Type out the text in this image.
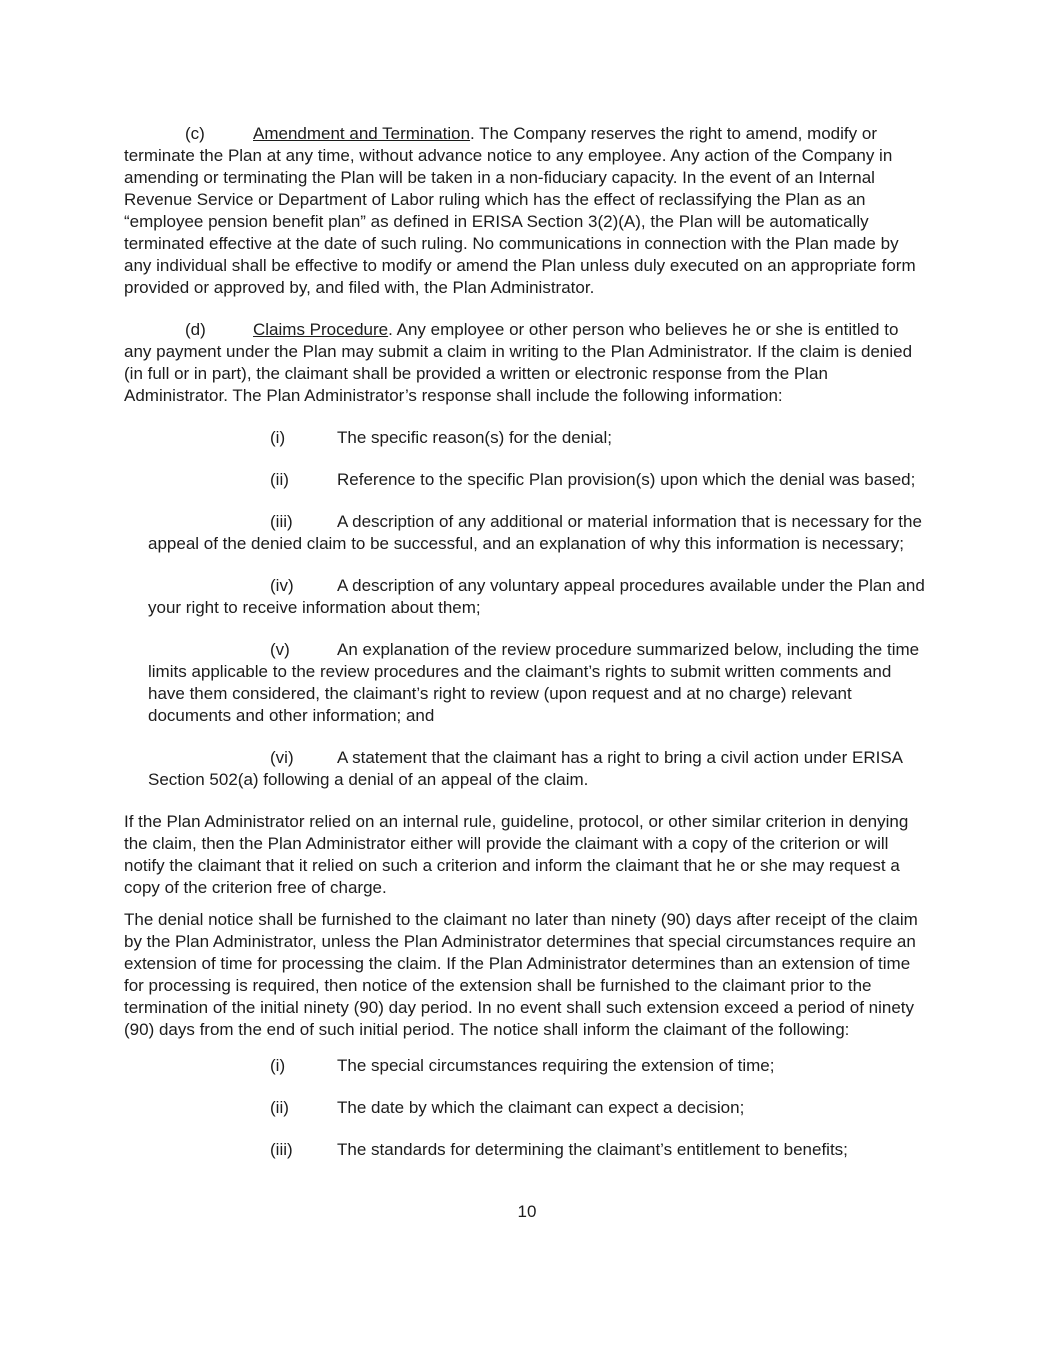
(c)	Amendment and Termination. The Company reserves the right to amend, modify or terminate the Plan at any time, without advance notice to any employee. Any action of the Company in amending or terminating the Plan will be taken in a non-fiduciary capacity. In the event of an Internal Revenue Service or Department of Labor ruling which has the effect of reclassifying the Plan as an “employee pension benefit plan” as defined in ERISA Section 3(2)(A), the Plan will be automatically terminated effective at the date of such ruling. No communications in connection with the Plan made by any individual shall be effective to modify or amend the Plan unless duly executed on an appropriate form provided or approved by, and filed with, the Plan Administrator.

(d)	Claims Procedure. Any employee or other person who believes he or she is entitled to any payment under the Plan may submit a claim in writing to the Plan Administrator. If the claim is denied (in full or in part), the claimant shall be provided a written or electronic response from the Plan Administrator. The Plan Administrator’s response shall include the following information:

(i)	The specific reason(s) for the denial;

(ii)	Reference to the specific Plan provision(s) upon which the denial was based;

(iii)	A description of any additional or material information that is necessary for the appeal of the denied claim to be successful, and an explanation of why this information is necessary;

(iv)	A description of any voluntary appeal procedures available under the Plan and your right to receive information about them;

(v)	An explanation of the review procedure summarized below, including the time limits applicable to the review procedures and the claimant’s rights to submit written comments and have them considered, the claimant’s right to review (upon request and at no charge) relevant documents and other information; and

(vi)	A statement that the claimant has a right to bring a civil action under ERISA Section 502(a) following a denial of an appeal of the claim.

If the Plan Administrator relied on an internal rule, guideline, protocol, or other similar criterion in denying the claim, then the Plan Administrator either will provide the claimant with a copy of the criterion or will notify the claimant that it relied on such a criterion and inform the claimant that he or she may request a copy of the criterion free of charge.

The denial notice shall be furnished to the claimant no later than ninety (90) days after receipt of the claim by the Plan Administrator, unless the Plan Administrator determines that special circumstances require an extension of time for processing the claim. If the Plan Administrator determines than an extension of time for processing is required, then notice of the extension shall be furnished to the claimant prior to the termination of the initial ninety (90) day period. In no event shall such extension exceed a period of ninety (90) days from the end of such initial period. The notice shall inform the claimant of the following:

(i)	The special circumstances requiring the extension of time;

(ii)	The date by which the claimant can expect a decision;

(iii)	The standards for determining the claimant’s entitlement to benefits;

10
